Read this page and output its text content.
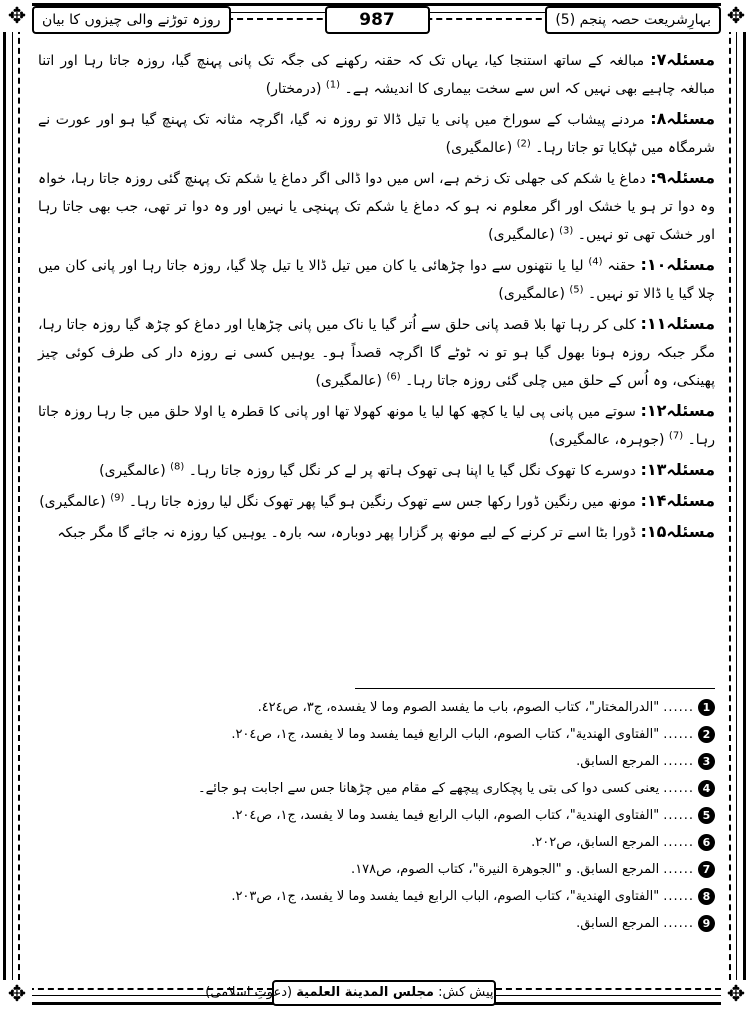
✥	✥
✥	✥
بہارِشریعت حصہ پنجم (5)
987
روزہ توڑنے والی چیزوں کا بیان

مسئلہ۷: مبالغہ کے ساتھ استنجا کیا، یہاں تک کہ حقنہ رکھنے کی جگہ تک پانی پہنچ گیا، روزہ جاتا رہا اور اتنا مبالغہ چاہیے بھی نہیں کہ اس سے سخت بیماری کا اندیشہ ہے۔ $^{(1)}$ (درمختار)

مسئلہ۸: مردنے پیشاب کے سوراخ میں پانی یا تیل ڈالا تو روزہ نہ گیا، اگرچہ مثانہ تک پہنچ گیا ہو اور عورت نے شرمگاہ میں ٹپکایا تو جاتا رہا۔ $^{(2)}$ (عالمگیری)

مسئلہ۹: دماغ یا شکم کی جھلی تک زخم ہے، اس میں دوا ڈالی اگر دماغ یا شکم تک پہنچ گئی روزہ جاتا رہا، خواہ وہ دوا تر ہو یا خشک اور اگر معلوم نہ ہو کہ دماغ یا شکم تک پہنچی یا نہیں اور وہ دوا تر تھی، جب بھی جاتا رہا اور خشک تھی تو نہیں۔ $^{(3)}$ (عالمگیری)

مسئلہ۱۰: حقنہ $^{(4)}$ لیا یا نتھنوں سے دوا چڑھائی یا کان میں تیل ڈالا یا تیل چلا گیا، روزہ جاتا رہا اور پانی کان میں چلا گیا یا ڈالا تو نہیں۔ $^{(5)}$ (عالمگیری)

مسئلہ۱۱: کلی کر رہا تھا بلا قصد پانی حلق سے اُتر گیا یا ناک میں پانی چڑھایا اور دماغ کو چڑھ گیا روزہ جاتا رہا، مگر جبکہ روزہ ہونا بھول گیا ہو تو نہ ٹوٹے گا اگرچہ قصداً ہو۔ یوہیں کسی نے روزہ دار کی طرف کوئی چیز پھینکی، وہ اُس کے حلق میں چلی گئی روزہ جاتا رہا۔ $^{(6)}$ (عالمگیری)

مسئلہ۱۲: سوتے میں پانی پی لیا یا کچھ کھا لیا یا مونھ کھولا تھا اور پانی کا قطرہ یا اولا حلق میں جا رہا روزہ جاتا رہا۔ $^{(7)}$ (جوہرہ، عالمگیری)

مسئلہ۱۳: دوسرے کا تھوک نگل گیا یا اپنا ہی تھوک ہاتھ پر لے کر نگل گیا روزہ جاتا رہا۔ $^{(8)}$ (عالمگیری)

مسئلہ۱۴: مونھ میں رنگین ڈورا رکھا جس سے تھوک رنگین ہو گیا پھر تھوک نگل لیا روزہ جاتا رہا۔ $^{(9)}$ (عالمگیری)

مسئلہ۱۵: ڈورا بٹا اسے تر کرنے کے لیے مونھ پر گزارا پھر دوبارہ، سہ بارہ۔ یوہیں کیا روزہ نہ جائے گا مگر جبکہ

1
......
"الدرالمختار"، کتاب الصوم، باب ما يفسد الصوم وما لا يفسده، ج٣، ص٤٢٤.
2
......
"الفتاوی الهندية"، کتاب الصوم، الباب الرابع فيما يفسد وما لا يفسد، ج١، ص٢٠٤.
3
......
المرجع السابق.
4
......
یعنی کسی دوا کی بتی یا پچکاری پیچھے کے مقام میں چڑھانا جس سے اجابت ہو جائے۔
5
......
"الفتاوی الهندية"، کتاب الصوم، الباب الرابع فيما يفسد وما لا يفسد، ج١، ص٢٠٤.
6
......
المرجع السابق، ص٢٠٢.
7
......
المرجع السابق. و "الجوهرة النيرة"، کتاب الصوم، ص١٧٨.
8
......
"الفتاوی الهندية"، کتاب الصوم، الباب الرابع فيما يفسد وما لا يفسد، ج١، ص٢٠٣.
9
......
المرجع السابق.
پیش کش: مجلس المدينة العلمية (دعوتِ اسلامی)
